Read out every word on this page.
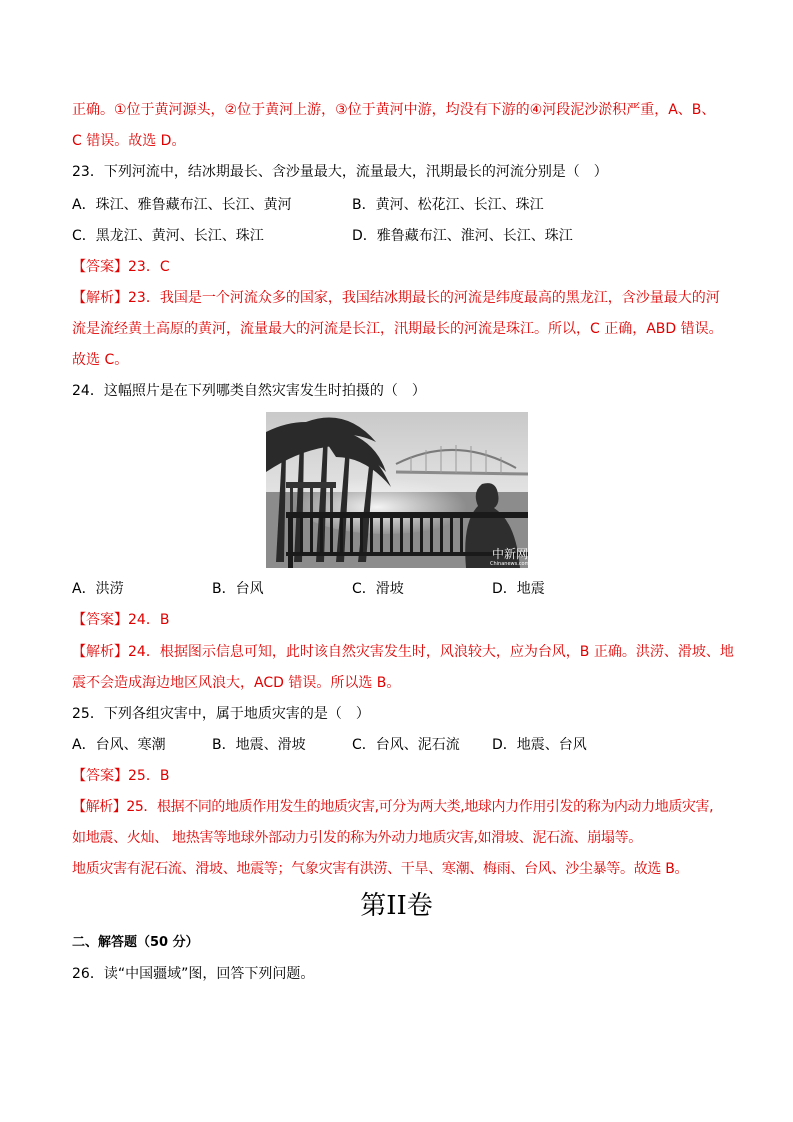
正确。①位于黄河源头，②位于黄河上游，③位于黄河中游，均没有下游的④河段泥沙淤积严重，A、B、
C 错误。故选 D。
23．下列河流中，结冰期最长、含沙量最大，流量最大，汛期最长的河流分别是（　）
A．珠江、雅鲁藏布江、长江、黄河	B．黄河、松花江、长江、珠江
C．黑龙江、黄河、长江、珠江	D．雅鲁藏布江、淮河、长江、珠江
【答案】23．C
【解析】23．我国是一个河流众多的国家，我国结冰期最长的河流是纬度最高的黑龙江，含沙量最大的河
流是流经黄土高原的黄河，流量最大的河流是长江，汛期最长的河流是珠江。所以，C 正确，ABD 错误。
故选 C。
24．这幅照片是在下列哪类自然灾害发生时拍摄的（　）
中新网
Chinanews.com
A．洪涝	B．台风	C．滑坡	D．地震
【答案】24．B
【解析】24．根据图示信息可知，此时该自然灾害发生时，风浪较大，应为台风，B 正确。洪涝、滑坡、地
震不会造成海边地区风浪大，ACD 错误。所以选 B。
25．下列各组灾害中，属于地质灾害的是（　）
A．台风、寒潮	B．地震、滑坡	C．台风、泥石流 D．地震、台风
【答案】25．B
【解析】25．根据不同的地质作用发生的地质灾害,可分为两大类,地球内力作用引发的称为内动力地质灾害,
如地震、火灿、 地热害等地球外部动力引发的称为外动力地质灾害,如滑坡、泥石流、崩塌等。
地质灾害有泥石流、滑坡、地震等；气象灾害有洪涝、干旱、寒潮、梅雨、台风、沙尘暴等。故选 B。
第II卷
二、解答题（50 分）
26．读“中国疆域”图，回答下列问题。
